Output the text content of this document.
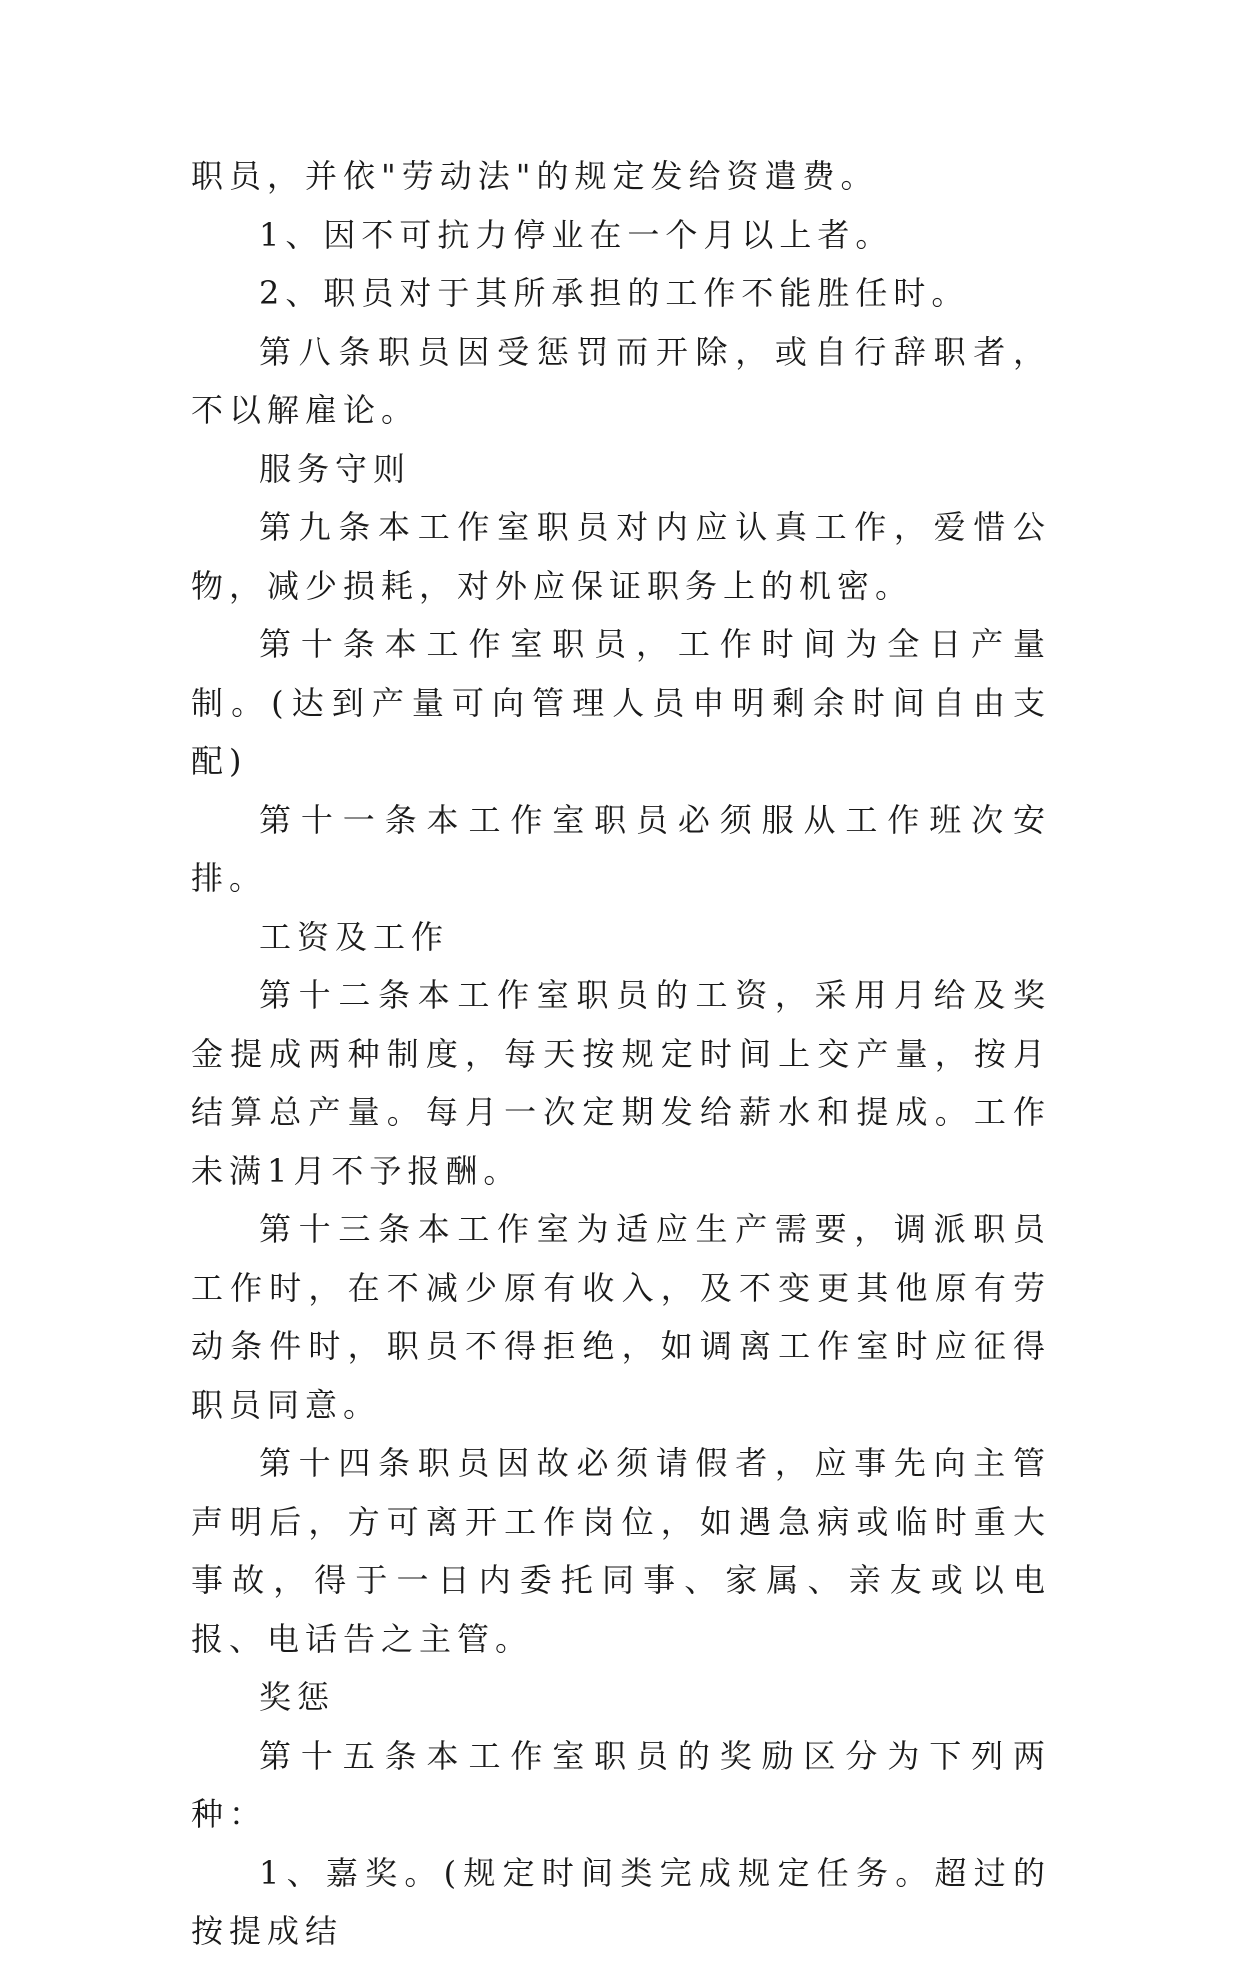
职员，并依"劳动法"的规定发给资遣费。

1、因不可抗力停业在一个月以上者。

2、职员对于其所承担的工作不能胜任时。

第八条职员因受惩罚而开除，或自行辞职者，不以解雇论。

服务守则

第九条本工作室职员对内应认真工作，爱惜公物，减少损耗，对外应保证职务上的机密。

第十条本工作室职员，工作时间为全日产量制。(达到产量可向管理人员申明剩余时间自由支配)

第十一条本工作室职员必须服从工作班次安排。

工资及工作

第十二条本工作室职员的工资，采用月给及奖金提成两种制度，每天按规定时间上交产量，按月结算总产量。每月一次定期发给薪水和提成。工作未满1月不予报酬。

第十三条本工作室为适应生产需要，调派职员工作时，在不减少原有收入，及不变更其他原有劳动条件时，职员不得拒绝，如调离工作室时应征得职员同意。

第十四条职员因故必须请假者，应事先向主管声明后，方可离开工作岗位，如遇急病或临时重大事故，得于一日内委托同事、家属、亲友或以电报、电话告之主管。

奖惩

第十五条本工作室职员的奖励区分为下列两种：

1、嘉奖。(规定时间类完成规定任务。超过的按提成结
